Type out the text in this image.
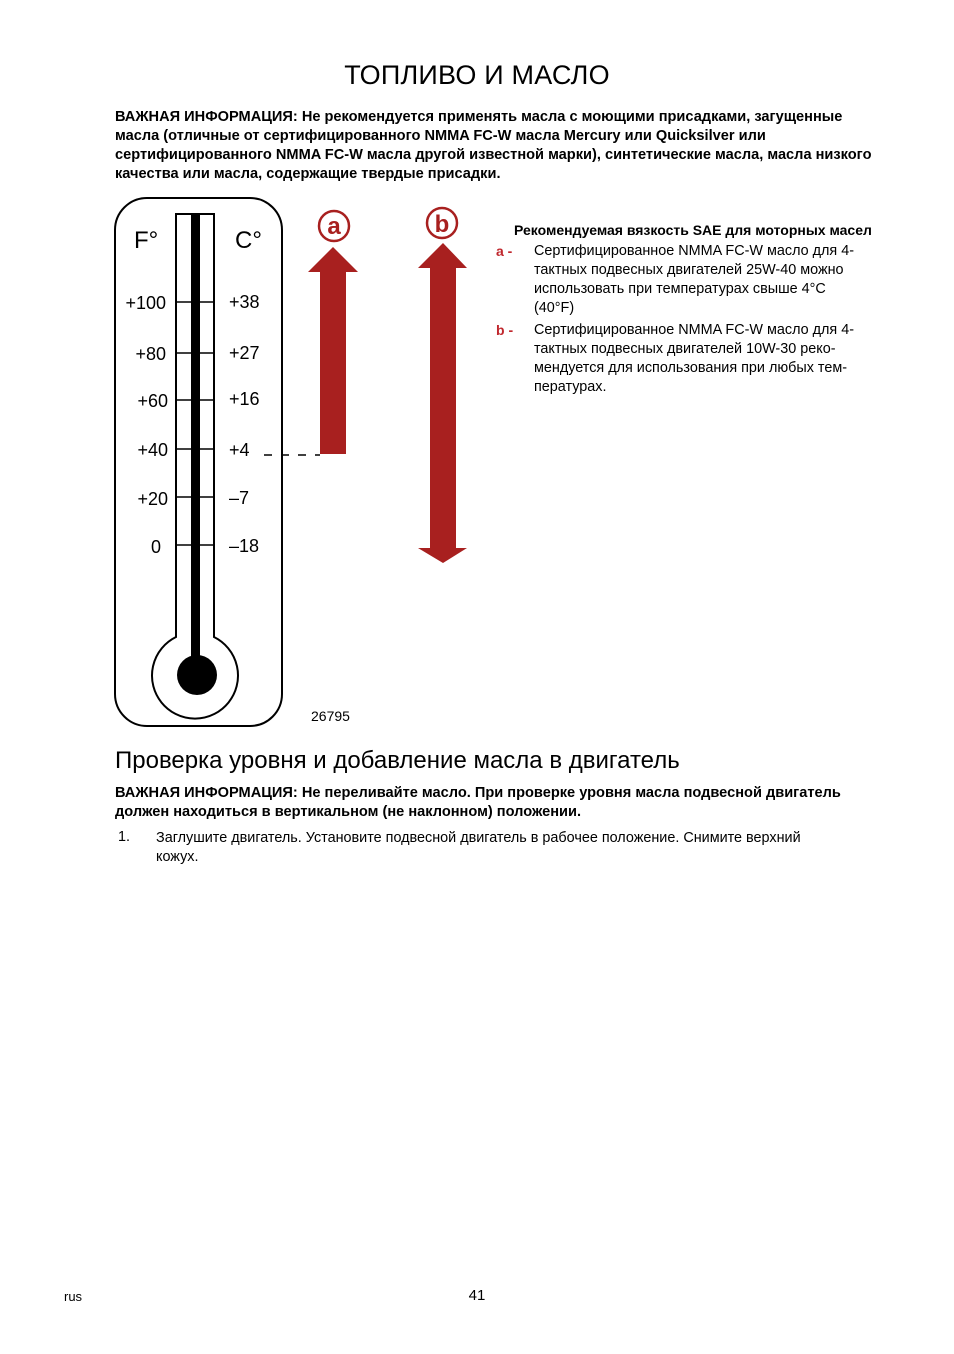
ТОПЛИВО И МАСЛО
ВАЖНАЯ ИНФОРМАЦИЯ: Не рекомендуется применять масла с моющими присадками, загущенные
масла (отличные от сертифицированного NMMA FC-W масла Mercury или Quicksilver или
сертифицированного NMMA FC-W масла другой известной марки), синтетические масла, масла низкого
качества или масла, содержащие твердые присадки.
F°	C°
+100	+38
+80	+27
+60	+16
+40	+4
+20	–7
0	–18
a	b
26795
Рекомендуемая вязкость SAE для моторных масел
a - Сертифицированное NMMA FC-W масло для 4-
тактных подвесных двигателей 25W-40 можно
использовать при температурах свыше 4°C
(40°F)
b - Сертифицированное NMMA FC-W масло для 4-
тактных подвесных двигателей 10W-30 реко-
мендуется для использования при любых тем-
пературах.
Проверка уровня и добавление масла в двигатель
ВАЖНАЯ ИНФОРМАЦИЯ: Не переливайте масло. При проверке уровня масла подвесной двигатель
должен находиться в вертикальном (не наклонном) положении.
1. Заглушите двигатель. Установите подвесной двигатель в рабочее положение. Снимите верхний
кожух.
rus	41
